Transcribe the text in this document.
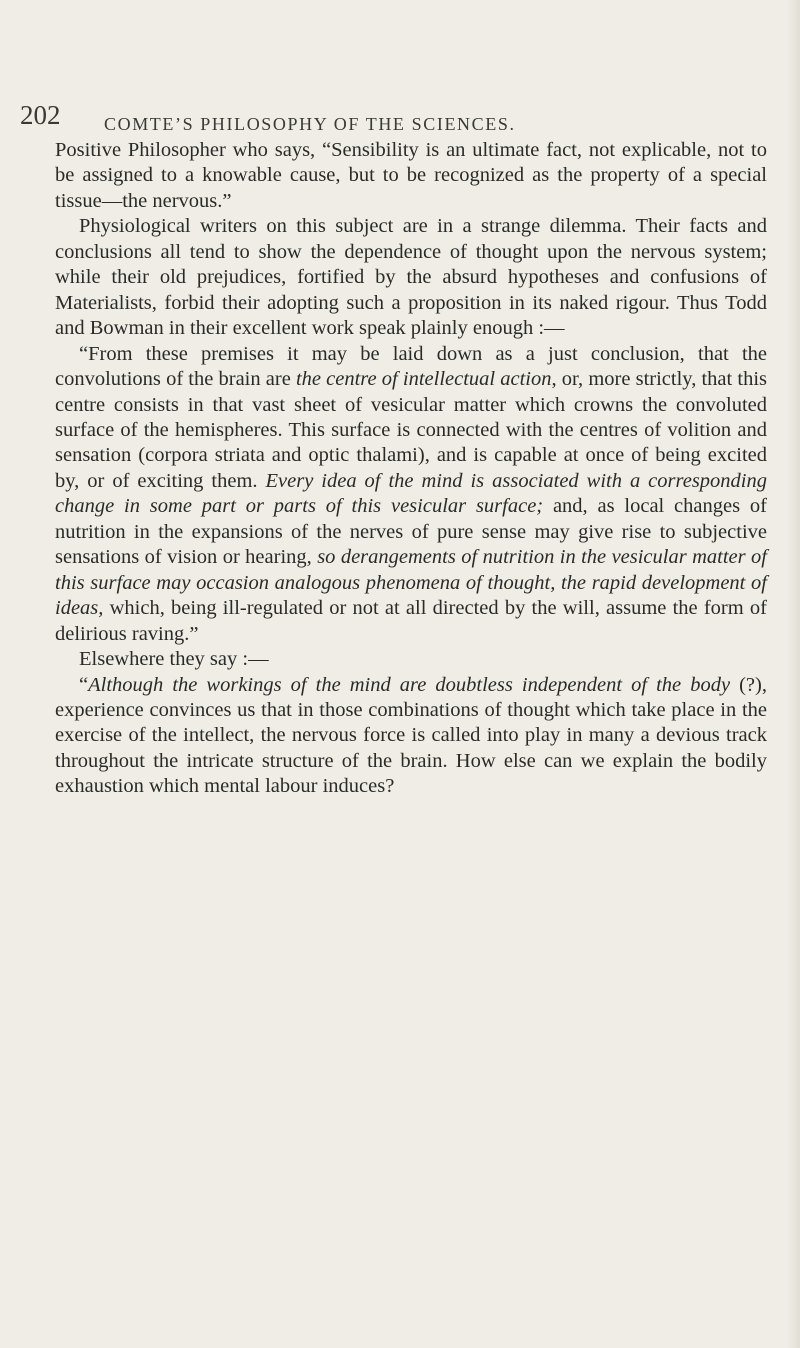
202 COMTE’S PHILOSOPHY OF THE SCIENCES.

Positive Philosopher who says, “Sensibility is an ultimate fact, not explicable, not to be assigned to a knowable cause, but to be recognized as the property of a special tissue—the nervous.”

Physiological writers on this subject are in a strange dilemma. Their facts and conclusions all tend to show the dependence of thought upon the nervous system; while their old prejudices, fortified by the absurd hypotheses and confusions of Materialists, forbid their adopting such a proposition in its naked rigour. Thus Todd and Bowman in their excellent work speak plainly enough :—

“From these premises it may be laid down as a just conclusion, that the convolutions of the brain are the centre of intellectual action, or, more strictly, that this centre consists in that vast sheet of vesicular matter which crowns the convoluted surface of the hemispheres. This surface is connected with the centres of volition and sensation (corpora striata and optic thalami), and is capable at once of being excited by, or of exciting them. Every idea of the mind is associated with a corresponding change in some part or parts of this vesicular surface; and, as local changes of nutrition in the expansions of the nerves of pure sense may give rise to subjective sensations of vision or hearing, so derangements of nutrition in the vesicular matter of this surface may occasion analogous phenomena of thought, the rapid development of ideas, which, being ill-regulated or not at all directed by the will, assume the form of delirious raving.”

Elsewhere they say :—

“Although the workings of the mind are doubtless independent of the body (?), experience convinces us that in those combinations of thought which take place in the exercise of the intellect, the nervous force is called into play in many a devious track throughout the intricate structure of the brain. How else can we explain the bodily exhaustion which mental labour induces?
